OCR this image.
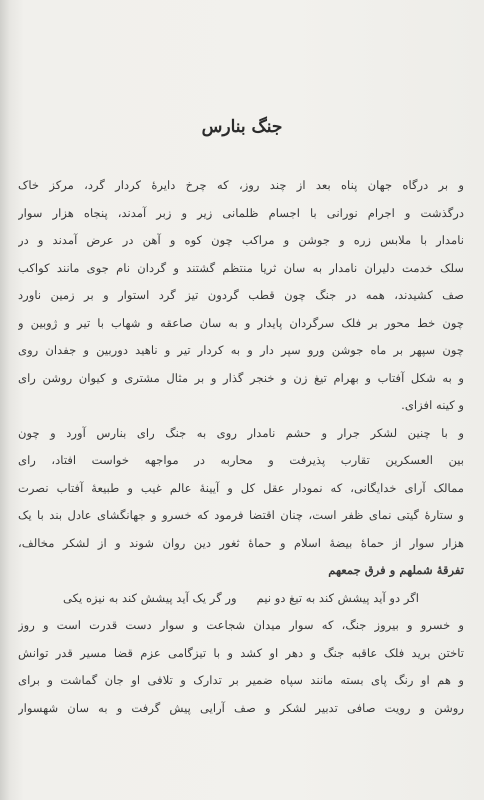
جنگ بنارس
و بر درگاه جهان پناه بعد از چند روز، که چرخ دایرهٔ کردار گرد، مرکز خاک
درگذشت و اجرام نورانی با اجسام ظلمانی زیر و زبر آمدند، پنجاه هزار سوار
نامدار با ملابس زره و جوشن و مراکب چون کوه و آهن در عرض آمدند و در
سلک خدمت دلیران نامدار به سان ثریا منتظم گشتند و گردان نام جوی مانند کواکب
صف کشیدند، همه در جنگ چون قطب گردون تیز گرد استوار و بر زمین ناورد
چون خط محور بر فلک سرگردان پایدار و به سان صاعقه و شهاب با تیر و ژوبین و
چون سپهر بر ماه جوشن ورو سپر دار و به کردار تیر و ناهید دوربین و جفدان روی
و به شکل آفتاب و بهرام تیغ زن و خنجر گذار و بر مثال مشتری و کیوان روشن رای
و کینه افزای.
و با چنین لشکر جرار و حشم نامدار روی به جنگ رای بنارس آورد و چون
بین العسکرین تقارب پذیرفت و محاربه در مواجهه خواست افتاد، رای
ممالک آرای خدایگانی، که نمودار عقل کل و آیینهٔ عالم غیب و طبیعهٔ آفتاب نصرت
و ستارهٔ گیتی نمای ظفر است، چنان اقتضا فرمود که خسرو و جهانگشای عادل بند با یک
هزار سوار از حماهٔ بیضهٔ اسلام و حماهٔ ثغور دین روان شوند و از لشکر مخالف،
تفرقهٔ شملهم و فرق جمعهم
اگر دو آید پیشش کند به تیغ دو نیم
ور گر یک آید پیشش کند به نیزه یکی
و خسرو و بیروز جنگ، که سوار میدان شجاعت و سوار دست قدرت است و روز
تاختن برید فلک عاقبه جنگ و دهر او کشد و با تیزگامی عزم قضا مسیر قدر توانش
و هم او رنگ پای بسته مانند سپاه ضمیر بر تدارک و تلافی او جان گماشت و برای
روشن و رویت صافی تدبیر لشکر و صف آرایی پیش گرفت و به سان شهسوار
